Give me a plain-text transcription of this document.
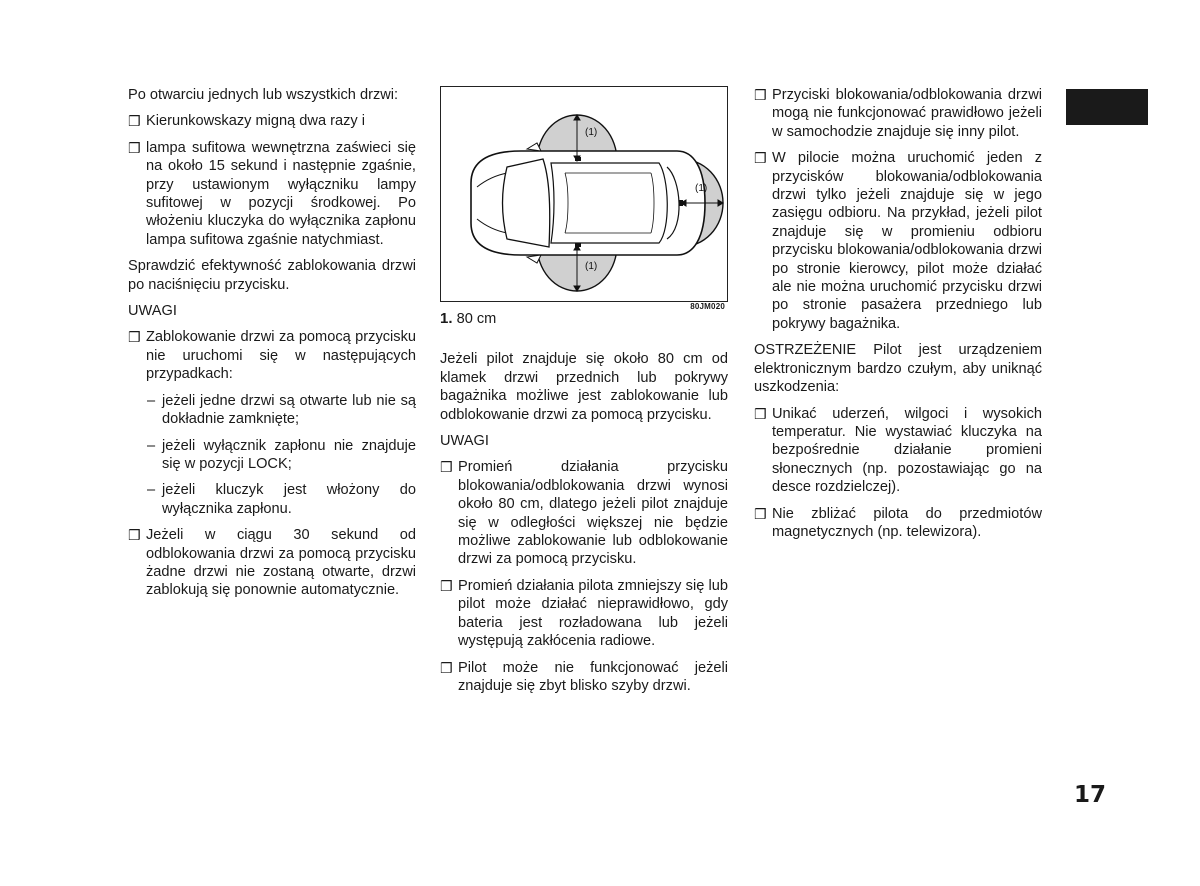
Po otwarciu jednych lub wszystkich drzwi:

❒ Kierunkowskazy migną dwa razy i
❒ lampa sufitowa wewnętrzna zaświeci się na około 15 sekund i następnie zgaśnie, przy ustawionym wyłączniku lampy sufitowej w pozycji środkowej. Po włożeniu kluczyka do wyłącznika zapłonu lampa sufitowa zgaśnie natychmiast.

Sprawdzić efektywność zablokowania drzwi po naciśnięciu przycisku.

UWAGI
❒ Zablokowanie drzwi za pomocą przycisku nie uruchomi się w następujących przypadkach:
– jeżeli jedne drzwi są otwarte lub nie są dokładnie zamknięte;
– jeżeli wyłącznik zapłonu nie znajduje się w pozycji LOCK;
– jeżeli kluczyk jest włożony do wyłącznika zapłonu.
❒ Jeżeli w ciągu 30 sekund od odblokowania drzwi za pomocą przycisku żadne drzwi nie zostaną otwarte, drzwi zablokują się ponownie automatycznie.
(1)
(1)
(1)
80JM020
1. 80 cm

Jeżeli pilot znajduje się około 80 cm od klamek drzwi przednich lub pokrywy bagażnika możliwe jest zablokowanie lub odblokowanie drzwi za pomocą przycisku.

UWAGI
❒ Promień działania przycisku blokowania/odblokowania drzwi wynosi około 80 cm, dlatego jeżeli pilot znajduje się w odległości większej nie będzie możliwe zablokowanie lub odblokowanie drzwi za pomocą przycisku.
❒ Promień działania pilota zmniejszy się lub pilot może działać nieprawidłowo, gdy bateria jest rozładowana lub jeżeli występują zakłócenia radiowe.
❒ Pilot może nie funkcjonować jeżeli znajduje się zbyt blisko szyby drzwi.
❒ Przyciski blokowania/odblokowania drzwi mogą nie funkcjonować prawidłowo jeżeli w samochodzie znajduje się inny pilot.
❒ W pilocie można uruchomić jeden z przycisków blokowania/odblokowania drzwi tylko jeżeli znajduje się w jego zasięgu odbioru. Na przykład, jeżeli pilot znajduje się w promieniu odbioru przycisku blokowania/odblokowania drzwi po stronie kierowcy, pilot może działać ale nie można uruchomić przycisku drzwi po stronie pasażera przedniego lub pokrywy bagażnika.

OSTRZEŻENIE Pilot jest urządzeniem elektronicznym bardzo czułym, aby uniknąć uszkodzenia:

❒ Unikać uderzeń, wilgoci i wysokich temperatur. Nie wystawiać kluczyka na bezpośrednie działanie promieni słonecznych (np. pozostawiając go na desce rozdzielczej).
❒ Nie zbliżać pilota do przedmiotów magnetycznych (np. telewizora).
17
